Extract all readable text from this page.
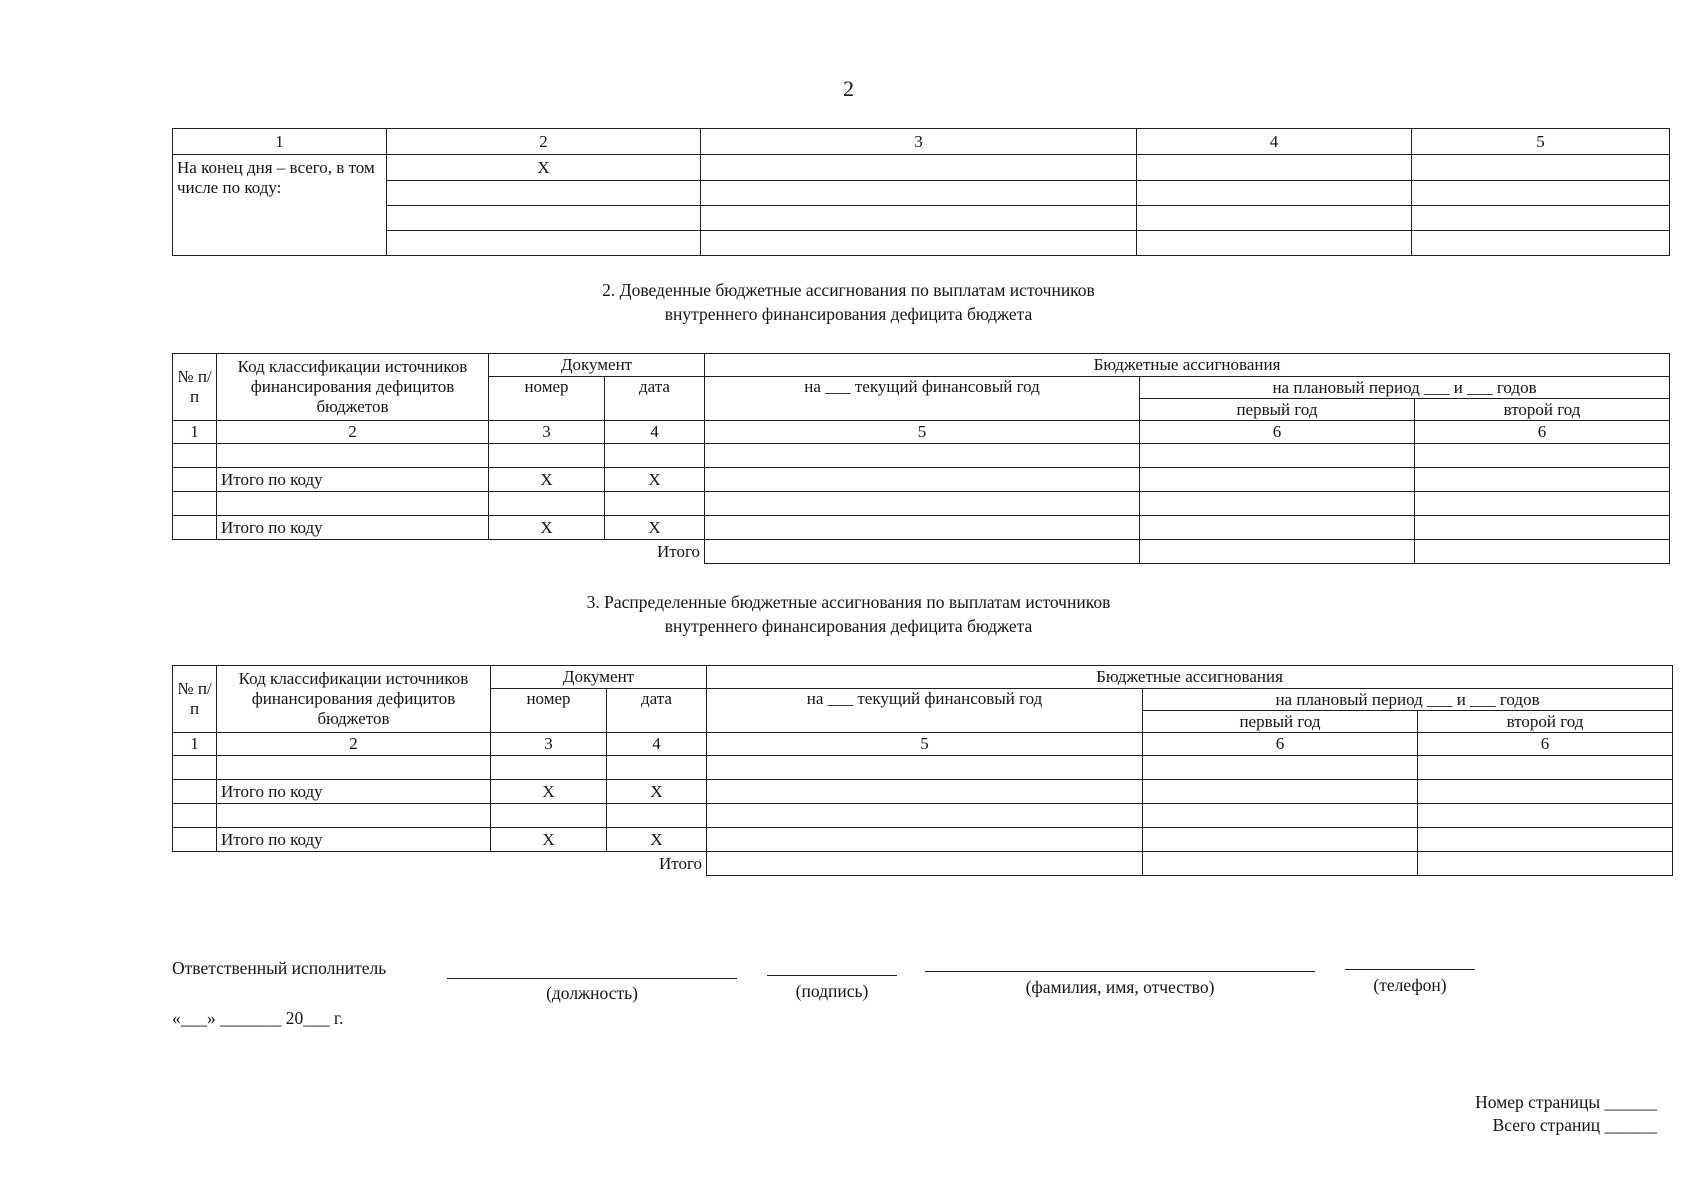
2
1	2	3	4	5
На конец дня – всего, в том числе по коду:	X			

2. Доведенные бюджетные ассигнования по выплатам источников
внутреннего финансирования дефицита бюджета
№ п/п	Код классификации источников финансирования дефицитов бюджетов	Документ		Бюджетные ассигнования		
		номер	дата	на ___ текущий финансовый год	на плановый период ___ и ___ годов	
					первый год	второй год
1	2	3	4	5	6	6

	Итого по коду	X	X			

	Итого по коду	X	X			
			Итого			
3. Распределенные бюджетные ассигнования по выплатам источников
внутреннего финансирования дефицита бюджета
№ п/п	Код классификации источников финансирования дефицитов бюджетов	Документ		Бюджетные ассигнования		
		номер	дата	на ___ текущий финансовый год	на плановый период ___ и ___ годов	
					первый год	второй год
1	2	3	4	5	6	6

	Итого по коду	X	X			

	Итого по коду	X	X			
			Итого			
Ответственный исполнитель
(должность)	(подпись)	(фамилия, имя, отчество)	(телефон)
«___» _______ 20___ г.
Номер страницы ______
Всего страниц ______
